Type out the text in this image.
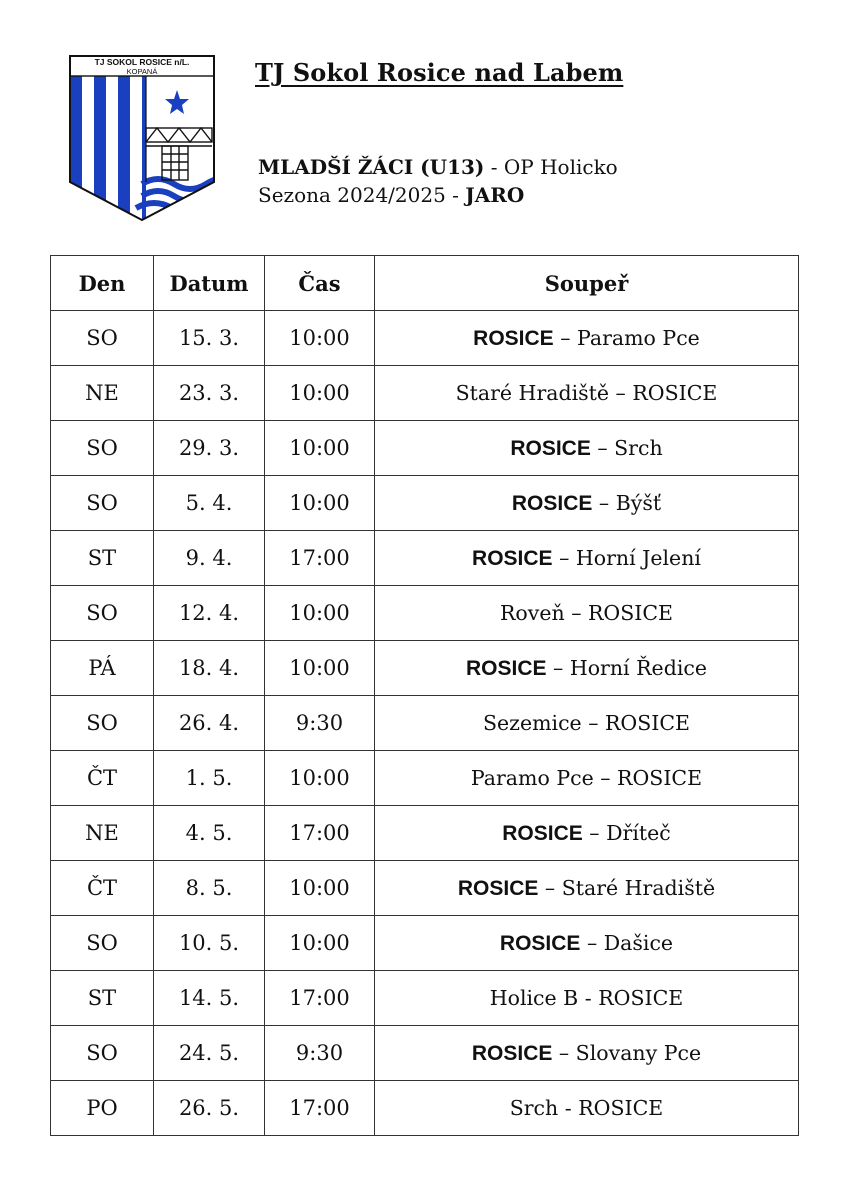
TJ SOKOL ROSICE n/L.
KOPANÁ	TJ Sokol Rosice nad Labem
MLADŠÍ ŽÁCI (U13) - OP Holicko
Sezona 2024/2025 - JARO
Den	Datum	Čas	Soupeř
SO	15. 3.	10:00	ROSICE – Paramo Pce
NE	23. 3.	10:00	Staré Hradiště – ROSICE
SO	29. 3.	10:00	ROSICE – Srch
SO	5. 4.	10:00	ROSICE – Býšť
ST	9. 4.	17:00	ROSICE – Horní Jelení
SO	12. 4.	10:00	Roveň – ROSICE
PÁ	18. 4.	10:00	ROSICE – Horní Ředice
SO	26. 4.	9:30	Sezemice – ROSICE
ČT	1. 5.	10:00	Paramo Pce – ROSICE
NE	4. 5.	17:00	ROSICE – Dříteč
ČT	8. 5.	10:00	ROSICE – Staré Hradiště
SO	10. 5.	10:00	ROSICE – Dašice
ST	14. 5.	17:00	Holice B - ROSICE
SO	24. 5.	9:30	ROSICE – Slovany Pce
PO	26. 5.	17:00	Srch - ROSICE
